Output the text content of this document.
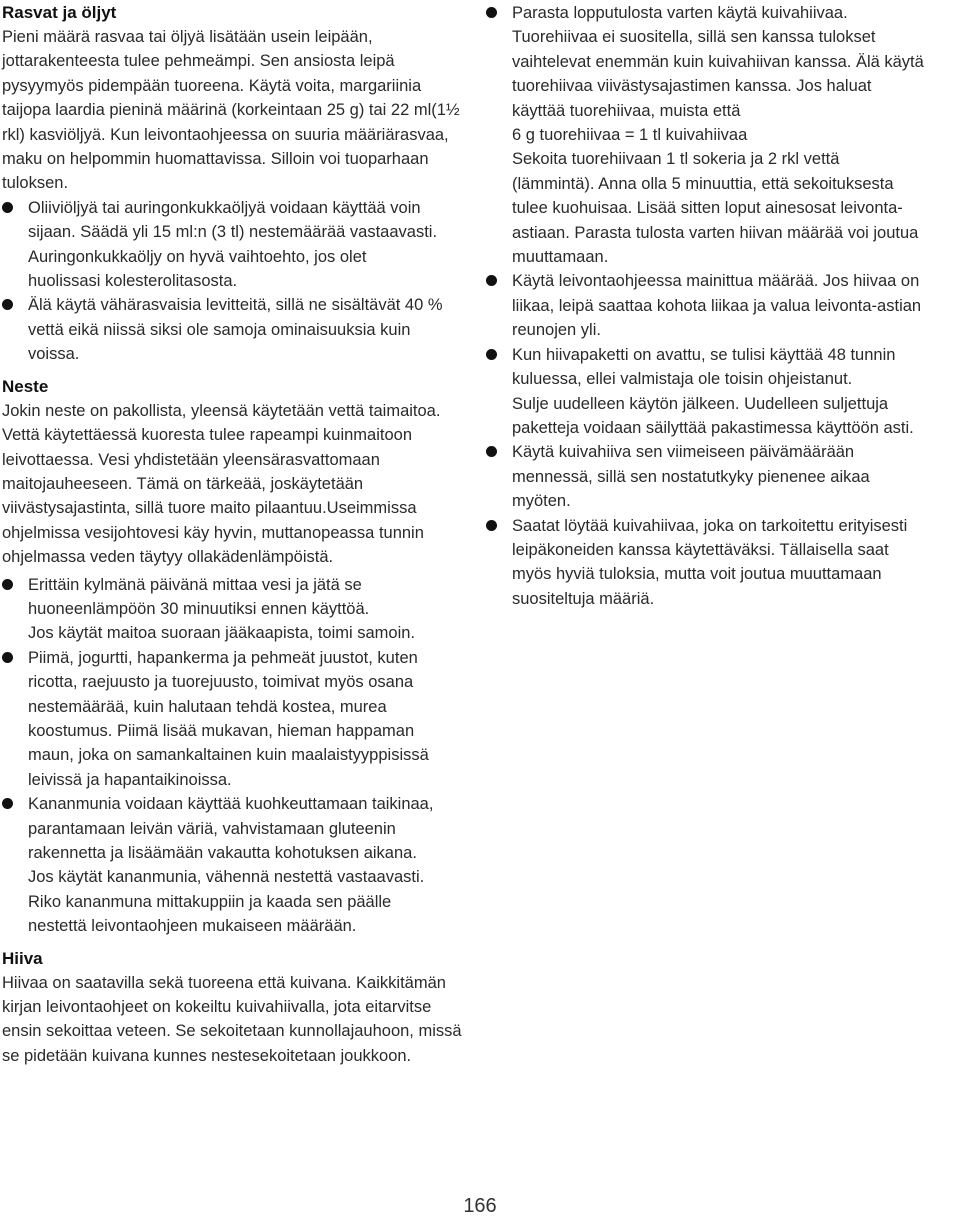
Rasvat ja öljyt

Pieni määrä rasvaa tai öljyä lisätään usein leipään, jottarakenteesta tulee pehmeämpi. Sen ansiosta leipä pysyymyös pidempään tuoreena. Käytä voita, margariinia taijopa laardia pieninä määrinä (korkeintaan 25 g) tai 22 ml(1½ rkl) kasviöljyä. Kun leivontaohjeessa on suuria määriärasvaa, maku on helpommin huomattavissa. Silloin voi tuoparhaan tuloksen.

Oliiviöljyä tai auringonkukkaöljyä voidaan käyttää voin
sijaan. Säädä yli 15 ml:n (3 tl) nestemäärää vastaavasti.
Auringonkukkaöljy on hyvä vaihtoehto, jos olet
huolissasi kolesterolitasosta.
Älä käytä vähärasvaisia levitteitä, sillä ne sisältävät 40 %
vettä eikä niissä siksi ole samoja ominaisuuksia kuin
voissa.
Neste

Jokin neste on pakollista, yleensä käytetään vettä taimaitoa. Vettä käytettäessä kuoresta tulee rapeampi kuinmaitoon leivottaessa. Vesi yhdistetään yleensärasvattomaan maitojauheeseen. Tämä on tärkeää, joskäytetään viivästysajastinta, sillä tuore maito pilaantuu.Useimmissa ohjelmissa vesijohtovesi käy hyvin, muttanopeassa tunnin ohjelmassa veden täytyy ollakädenlämpöistä.

Erittäin kylmänä päivänä mittaa vesi ja jätä se
huoneenlämpöön 30 minuutiksi ennen käyttöä.
Jos käytät maitoa suoraan jääkaapista, toimi samoin.
Piimä, jogurtti, hapankerma ja pehmeät juustot, kuten
ricotta, raejuusto ja tuorejuusto, toimivat myös osana
nestemäärää, kuin halutaan tehdä kostea, murea
koostumus. Piimä lisää mukavan, hieman happaman
maun, joka on samankaltainen kuin maalaistyyppisissä
leivissä ja hapantaikinoissa.
Kananmunia voidaan käyttää kuohkeuttamaan taikinaa,
parantamaan leivän väriä, vahvistamaan gluteenin
rakennetta ja lisäämään vakautta kohotuksen aikana.
Jos käytät kananmunia, vähennä nestettä vastaavasti.
Riko kananmuna mittakuppiin ja kaada sen päälle
nestettä leivontaohjeen mukaiseen määrään.
Hiiva

Hiivaa on saatavilla sekä tuoreena että kuivana. Kaikkitämän kirjan leivontaohjeet on kokeiltu kuivahiivalla, jota eitarvitse ensin sekoittaa veteen. Se sekoitetaan kunnollajauhoon, missä se pidetään kuivana kunnes nestesekoitetaan joukkoon.

Parasta lopputulosta varten käytä kuivahiivaa.
Tuorehiivaa ei suositella, sillä sen kanssa tulokset
vaihtelevat enemmän kuin kuivahiivan kanssa. Älä käytä
tuorehiivaa viivästysajastimen kanssa. Jos haluat
käyttää tuorehiivaa, muista että
6 g tuorehiivaa = 1 tl kuivahiivaa
Sekoita tuorehiivaan 1 tl sokeria ja 2 rkl vettä
(lämmintä). Anna olla 5 minuuttia, että sekoituksesta
tulee kuohuisaa. Lisää sitten loput ainesosat leivonta-
astiaan. Parasta tulosta varten hiivan määrää voi joutua
muuttamaan.
Käytä leivontaohjeessa mainittua määrää. Jos hiivaa on
liikaa, leipä saattaa kohota liikaa ja valua leivonta-astian
reunojen yli.
Kun hiivapaketti on avattu, se tulisi käyttää 48 tunnin
kuluessa, ellei valmistaja ole toisin ohjeistanut.
Sulje uudelleen käytön jälkeen. Uudelleen suljettuja
paketteja voidaan säilyttää pakastimessa käyttöön asti.
Käytä kuivahiiva sen viimeiseen päivämäärään
mennessä, sillä sen nostatutkyky pienenee aikaa
myöten.
Saatat löytää kuivahiivaa, joka on tarkoitettu erityisesti
leipäkoneiden kanssa käytettäväksi. Tällaisella saat
myös hyviä tuloksia, mutta voit joutua muuttamaan
suositeltuja määriä.
166
